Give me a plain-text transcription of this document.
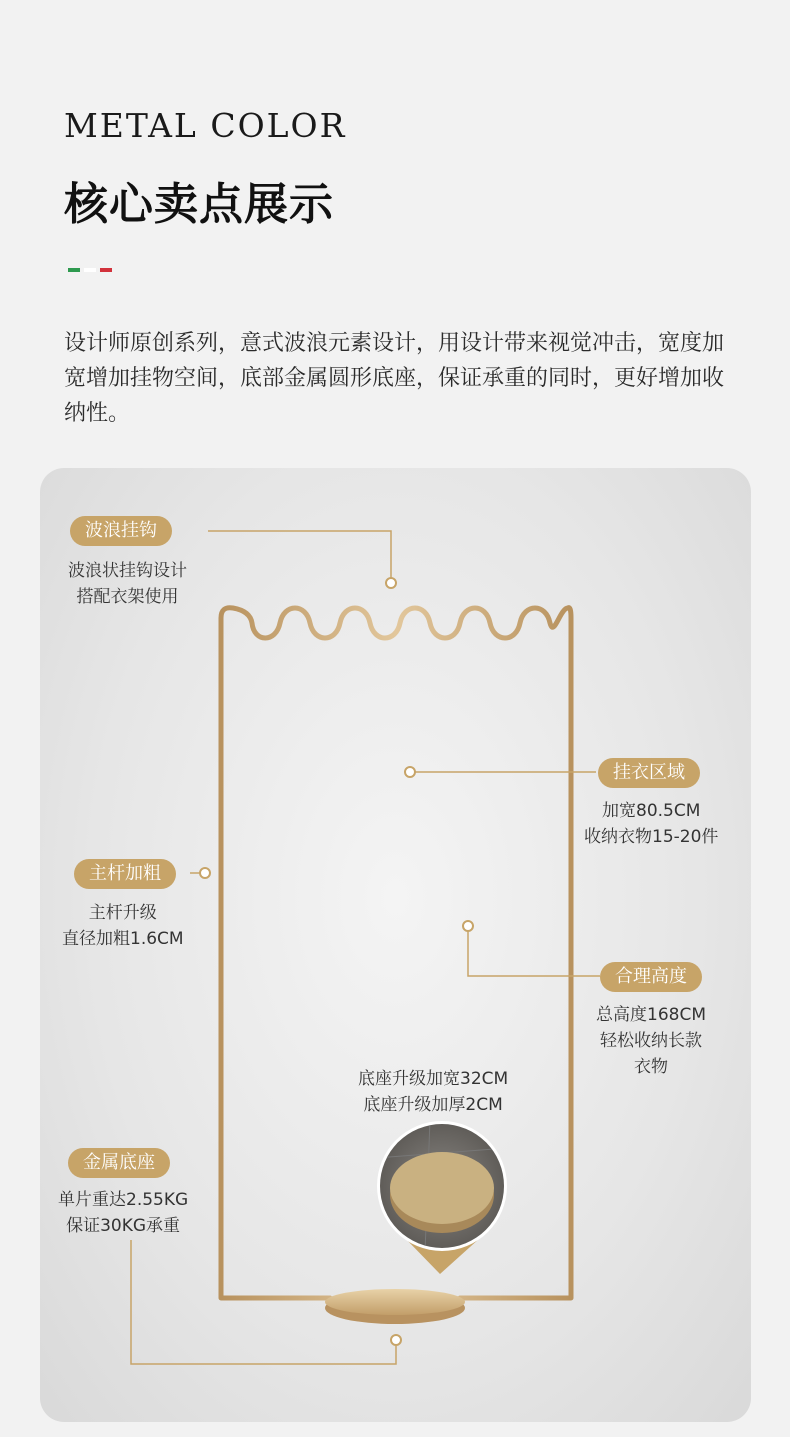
METAL COLOR
核心卖点展示
设计师原创系列，意式波浪元素设计，用设计带来视觉冲击，宽度加宽增加挂物空间，底部金属圆形底座，保证承重的同时，更好增加收纳性。
波浪挂钩
波浪状挂钩设计
搭配衣架使用
挂衣区域
加宽80.5CM
收纳衣物15-20件
主杆加粗
主杆升级
直径加粗1.6CM
合理高度
总高度168CM
轻松收纳长款
衣物
底座升级加宽32CM
底座升级加厚2CM
金属底座
单片重达2.55KG
保证30KG承重
